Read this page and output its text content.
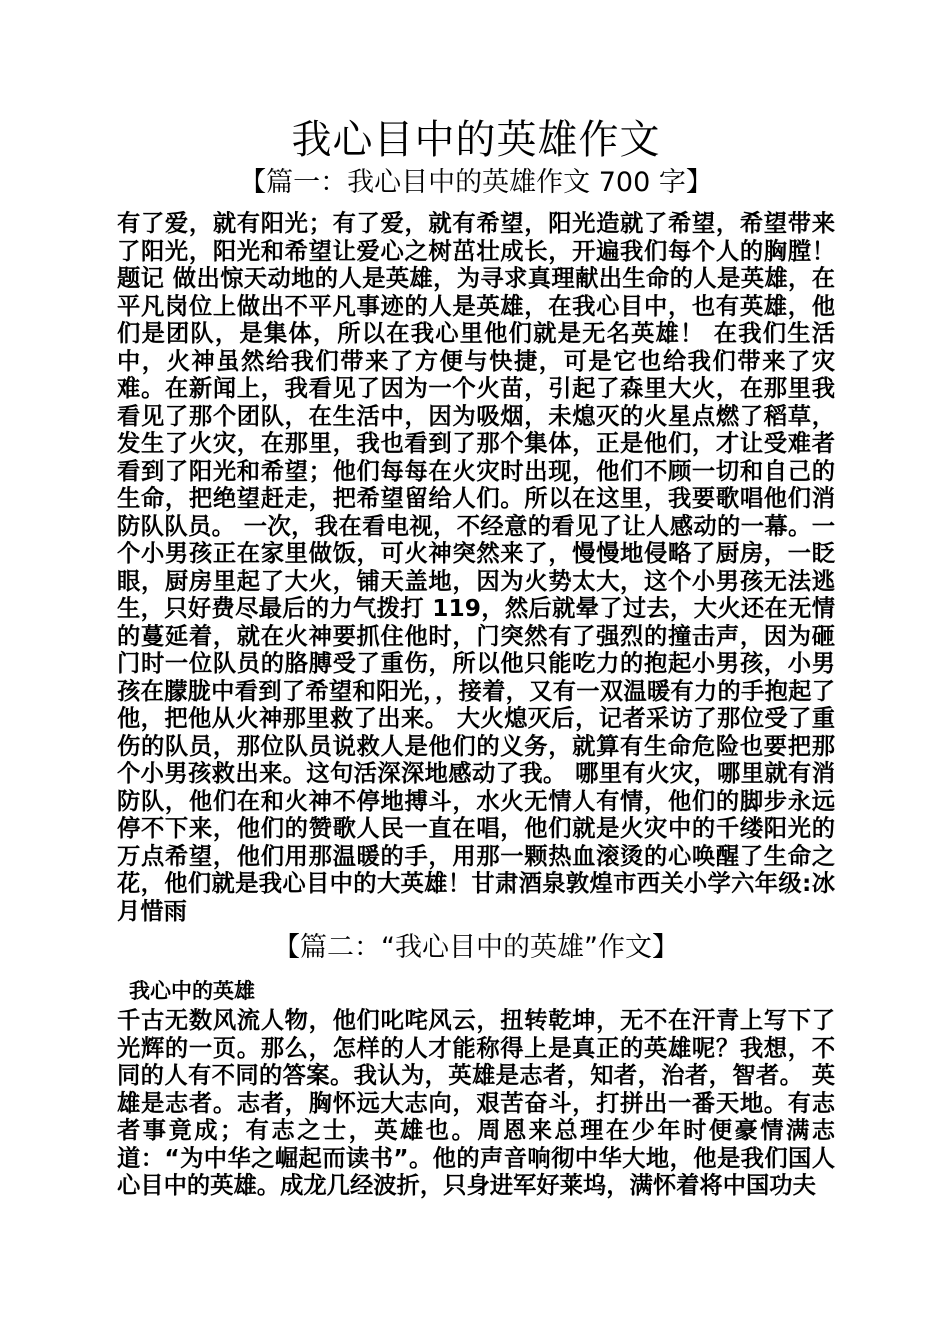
我心目中的英雄作文
【篇一：我心目中的英雄作文 700 字】

有了爱，就有阳光；有了爱，就有希望，阳光造就了希望，希望带来了阳光，阳光和希望让爱心之树茁壮成长，开遍我们每个人的胸膛！ 题记 做出惊天动地的人是英雄，为寻求真理献出生命的人是英雄，在平凡岗位上做出不平凡事迹的人是英雄，在我心目中，也有英雄，他们是团队，是集体，所以在我心里他们就是无名英雄！ 在我们生活中，火神虽然给我们带来了方便与快捷，可是它也给我们带来了灾难。在新闻上，我看见了因为一个火苗，引起了森里大火，在那里我看见了那个团队，在生活中，因为吸烟，未熄灭的火星点燃了稻草，发生了火灾，在那里，我也看到了那个集体，正是他们，才让受难者看到了阳光和希望；他们每每在火灾时出现，他们不顾一切和自己的生命，把绝望赶走，把希望留给人们。所以在这里，我要歌唱他们消防队队员。 一次，我在看电视，不经意的看见了让人感动的一幕。一个小男孩正在家里做饭，可火神突然来了，慢慢地侵略了厨房，一眨眼，厨房里起了大火，铺天盖地，因为火势太大，这个小男孩无法逃生，只好费尽最后的力气拨打 119，然后就晕了过去，大火还在无情的蔓延着，就在火神要抓住他时，门突然有了强烈的撞击声，因为砸门时一位队员的胳膊受了重伤，所以他只能吃力的抱起小男孩，小男孩在朦胧中看到了希望和阳光，，接着，又有一双温暖有力的手抱起了他，把他从火神那里救了出来。 大火熄灭后，记者采访了那位受了重伤的队员，那位队员说救人是他们的义务，就算有生命危险也要把那个小男孩救出来。这句活深深地感动了我。 哪里有火灾，哪里就有消防队，他们在和火神不停地搏斗，水火无情人有情，他们的脚步永远停不下来，他们的赞歌人民一直在唱，他们就是火灾中的千缕阳光的万点希望，他们用那温暖的手，用那一颗热血滚烫的心唤醒了生命之花，他们就是我心目中的大英雄！甘肃酒泉敦煌市西关小学六年级:冰月惜雨

【篇二：“我心目中的英雄”作文】

我心中的英雄

千古无数风流人物，他们叱咤风云，扭转乾坤，无不在汗青上写下了光辉的一页。那么，怎样的人才能称得上是真正的英雄呢？我想，不同的人有不同的答案。我认为，英雄是志者，知者，治者，智者。 英雄是志者。志者，胸怀远大志向，艰苦奋斗，打拼出一番天地。有志者事竟成；有志之士，英雄也。周恩来总理在少年时便豪情满志道：“为中华之崛起而读书”。他的声音响彻中华大地，他是我们国人心目中的英雄。成龙几经波折，只身进军好莱坞，满怀着将中国功夫
